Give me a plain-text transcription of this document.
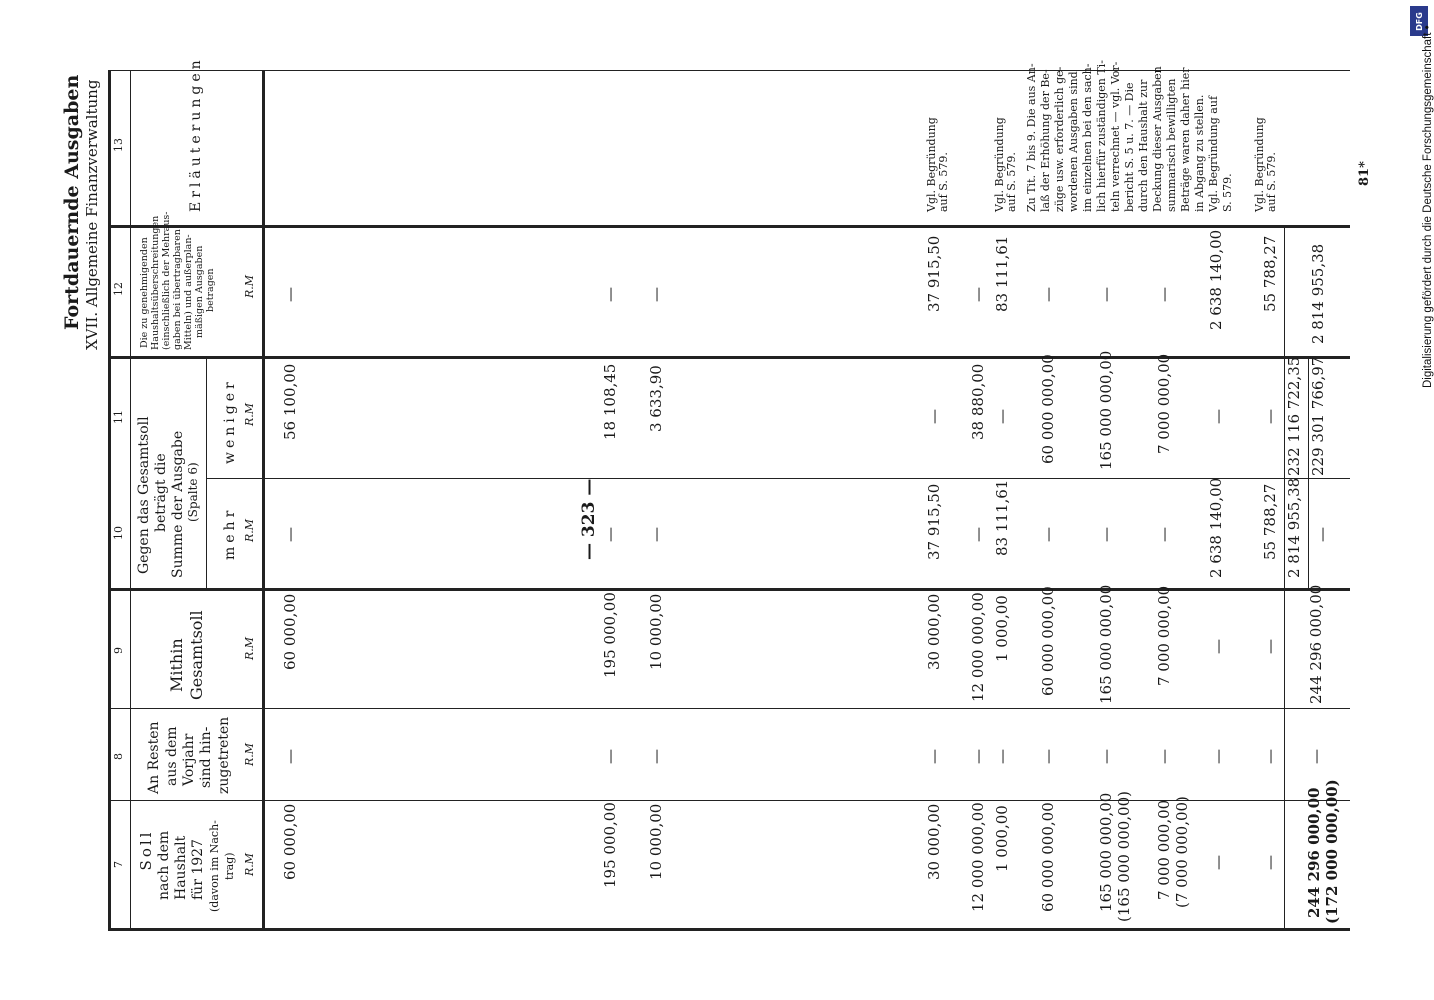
— 323 —
Fortdauernde Ausgaben XVII. Allgemeine Finanzverwaltung	81*
7
8
9
10
11
12
13
Soll nach dem Haushalt für 1927 (davon im Nach- trag) R.M
An Resten aus dem Vorjahr sind hin- zugetreten R.M
Mithin Gesamtsoll	R.M
Gegen das Gesamtsoll beträgt die Summe der Ausgabe (Spalte 6)
mehr R.M
weniger R.M
Die zu genehmigenden Haushaltsüberschreitungen (einschließlich der Mehraus- gaben bei übertragbaren Mitteln) und außerplan- mäßigen Ausgaben betragen R.M
Erläuterungen
60 000,00
—
60 000,00
—
56 100,00
—
195 000,00
—
195 000,00
—
18 108,45
—
10 000,00
—
10 000,00
—
3 633,90
—
30 000,00
—
30 000,00
37 915,50
—
37 915,50
Vgl. Begründung auf S. 579.
12 000 000,00
—
12 000 000,00
—
38 880,00
—
1 000,00
—
1 000,00
83 111,61
—
83 111,61
Vgl. Begründung auf S. 579.
60 000 000,00
—
60 000 000,00
—
60 000 000,00
—
165 000 000,00 (165 000 000,00)
—
165 000 000,00
—
165 000 000,00
—
7 000 000,00 (7 000 000,00)
—
7 000 000,00
—
7 000 000,00
—
—
—
—
2 638 140,00
—
2 638 140,00
—
—
—
55 788,27
—
55 788,27
Vgl. Begründung auf S. 579.
Zu Tit. 7 bis 9. Die aus An- laß der Erhöhung der Be- züge usw. erforderlich ge- wordenen Ausgaben sind im einzelnen bei den sach- lich hierfür zuständigen Ti- teln verrechnet — vgl. Vor- bericht S. 5 u. 7. — Die durch den Haushalt zur Deckung dieser Ausgaben summarisch bewilligten Beträge waren daher hier in Abgang zu stellen. Vgl. Begründung auf S. 579.
244 296 000,00 (172 000 000,00)
—
244 296 000,00
2 814 955,38 —
232 116 722,35 229 301 766,97
2 814 955,38
DFG
Digitalisierung gefördert durch die Deutsche Forschungsgemeinschaft •
